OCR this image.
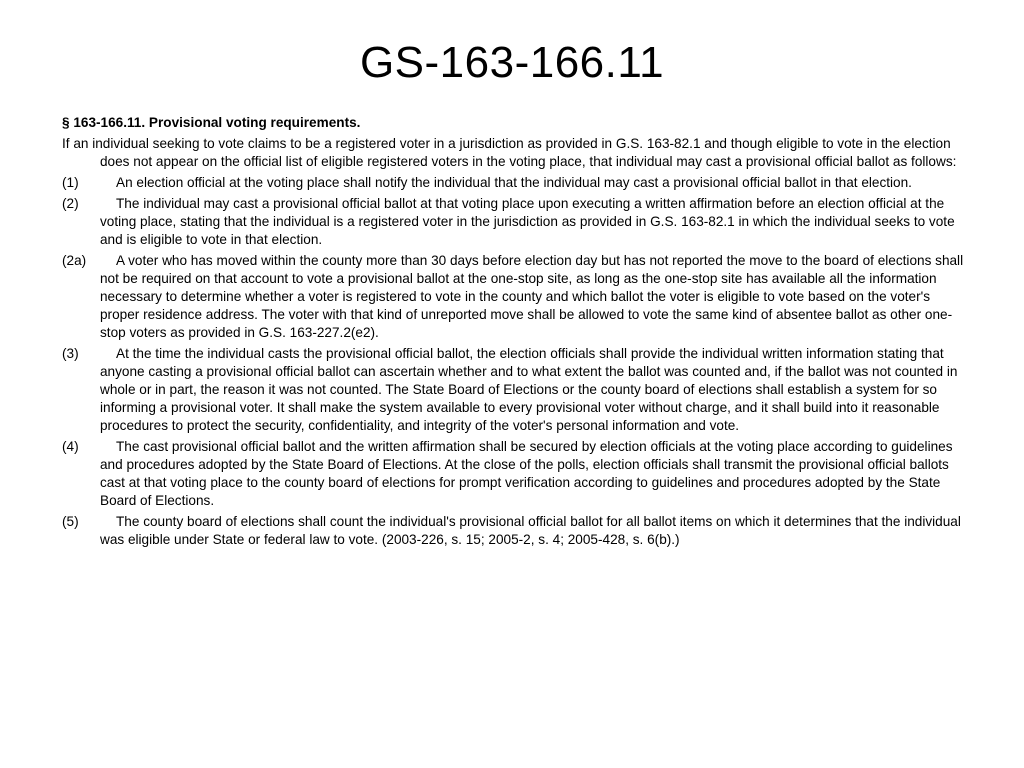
GS-163-166.11

§ 163-166.11. Provisional voting requirements.

If an individual seeking to vote claims to be a registered voter in a jurisdiction as provided in G.S. 163-82.1 and though eligible to vote in the election does not appear on the official list of eligible registered voters in the voting place, that individual may cast a provisional official ballot as follows:

(1)	An election official at the voting place shall notify the individual that the individual may cast a provisional official ballot in that election.

(2)	The individual may cast a provisional official ballot at that voting place upon executing a written affirmation before an election official at the voting place, stating that the individual is a registered voter in the jurisdiction as provided in G.S. 163-82.1 in which the individual seeks to vote and is eligible to vote in that election.

(2a) A voter who has moved within the county more than 30 days before election day but has not reported the move to the board of elections shall not be required on that account to vote a provisional ballot at the one-stop site, as long as the one-stop site has available all the information necessary to determine whether a voter is registered to vote in the county and which ballot the voter is eligible to vote based on the voter's proper residence address. The voter with that kind of unreported move shall be allowed to vote the same kind of absentee ballot as other one-stop voters as provided in G.S. 163-227.2(e2).

(3)	At the time the individual casts the provisional official ballot, the election officials shall provide the individual written information stating that anyone casting a provisional official ballot can ascertain whether and to what extent the ballot was counted and, if the ballot was not counted in whole or in part, the reason it was not counted. The State Board of Elections or the county board of elections shall establish a system for so informing a provisional voter. It shall make the system available to every provisional voter without charge, and it shall build into it reasonable procedures to protect the security, confidentiality, and integrity of the voter's personal information and vote.

(4)	The cast provisional official ballot and the written affirmation shall be secured by election officials at the voting place according to guidelines and procedures adopted by the State Board of Elections. At the close of the polls, election officials shall transmit the provisional official ballots cast at that voting place to the county board of elections for prompt verification according to guidelines and procedures adopted by the State Board of Elections.

(5)	The county board of elections shall count the individual's provisional official ballot for all ballot items on which it determines that the individual was eligible under State or federal law to vote. (2003-226, s. 15; 2005-2, s. 4; 2005-428, s. 6(b).)
